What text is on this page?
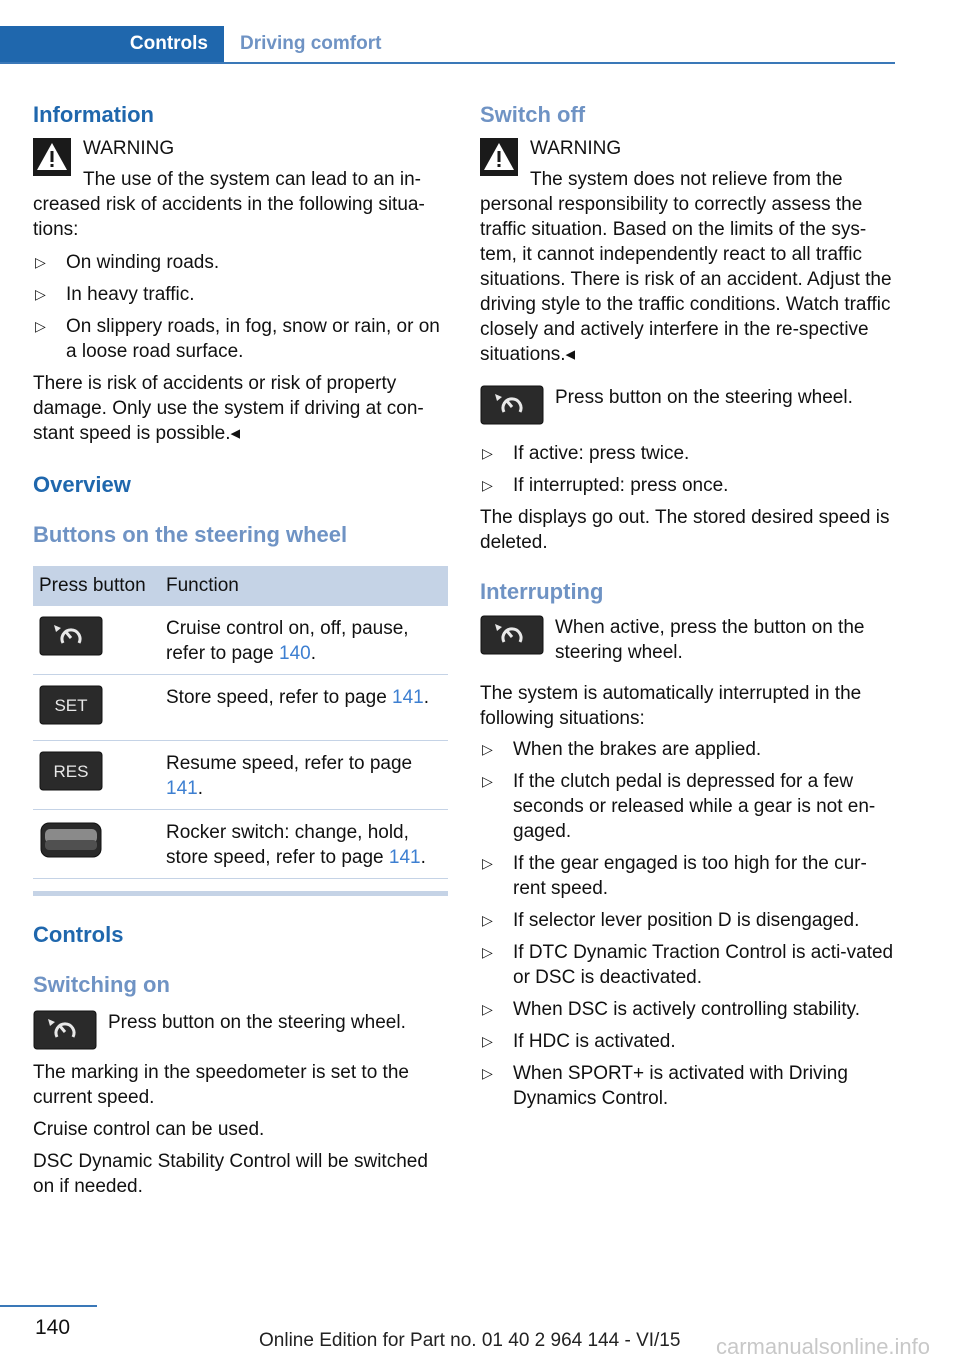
Controls	Driving comfort
Information

WARNING

The use of the system can lead to an in-

creased risk of accidents in the following situa-tions:

▷ On winding roads.
▷ In heavy traffic.
▷ On slippery roads, in fog, snow or rain, or on a loose road surface.

There is risk of accidents or risk of property damage. Only use the system if driving at con-stant speed is possible.◂

Overview
Buttons on the steering wheel
Press button	Function
	Cruise control on, off, pause, refer to page 140.

SET	Store speed, refer to page 141.

RES	Resume speed, refer to page 141.
	Rocker switch: change, hold, store speed, refer to page 141.
Controls
Switching on

Press button on the steering wheel.

The marking in the speedometer is set to the current speed.

Cruise control can be used.

DSC Dynamic Stability Control will be switched on if needed.

Switch off

WARNING

The system does not relieve from the

personal responsibility to correctly assess the traffic situation. Based on the limits of the sys-tem, it cannot independently react to all traffic situations. There is risk of an accident. Adjust the driving style to the traffic conditions. Watch traffic closely and actively interfere in the re-spective situations.◂

Press button on the steering wheel.

▷ If active: press twice.
▷ If interrupted: press once.

The displays go out. The stored desired speed is deleted.

Interrupting

When active, press the button on the steering wheel.

The system is automatically interrupted in the following situations:

▷ When the brakes are applied.
▷ If the clutch pedal is depressed for a few seconds or released while a gear is not en-gaged.
▷ If the gear engaged is too high for the cur-rent speed.
▷ If selector lever position D is disengaged.
▷ If DTC Dynamic Traction Control is acti-vated or DSC is deactivated.
▷ When DSC is actively controlling stability.
▷ If HDC is activated.
▷ When SPORT+ is activated with Driving Dynamics Control.
140
Online Edition for Part no. 01 40 2 964 144 - VI/15 carmanualsonline.info
